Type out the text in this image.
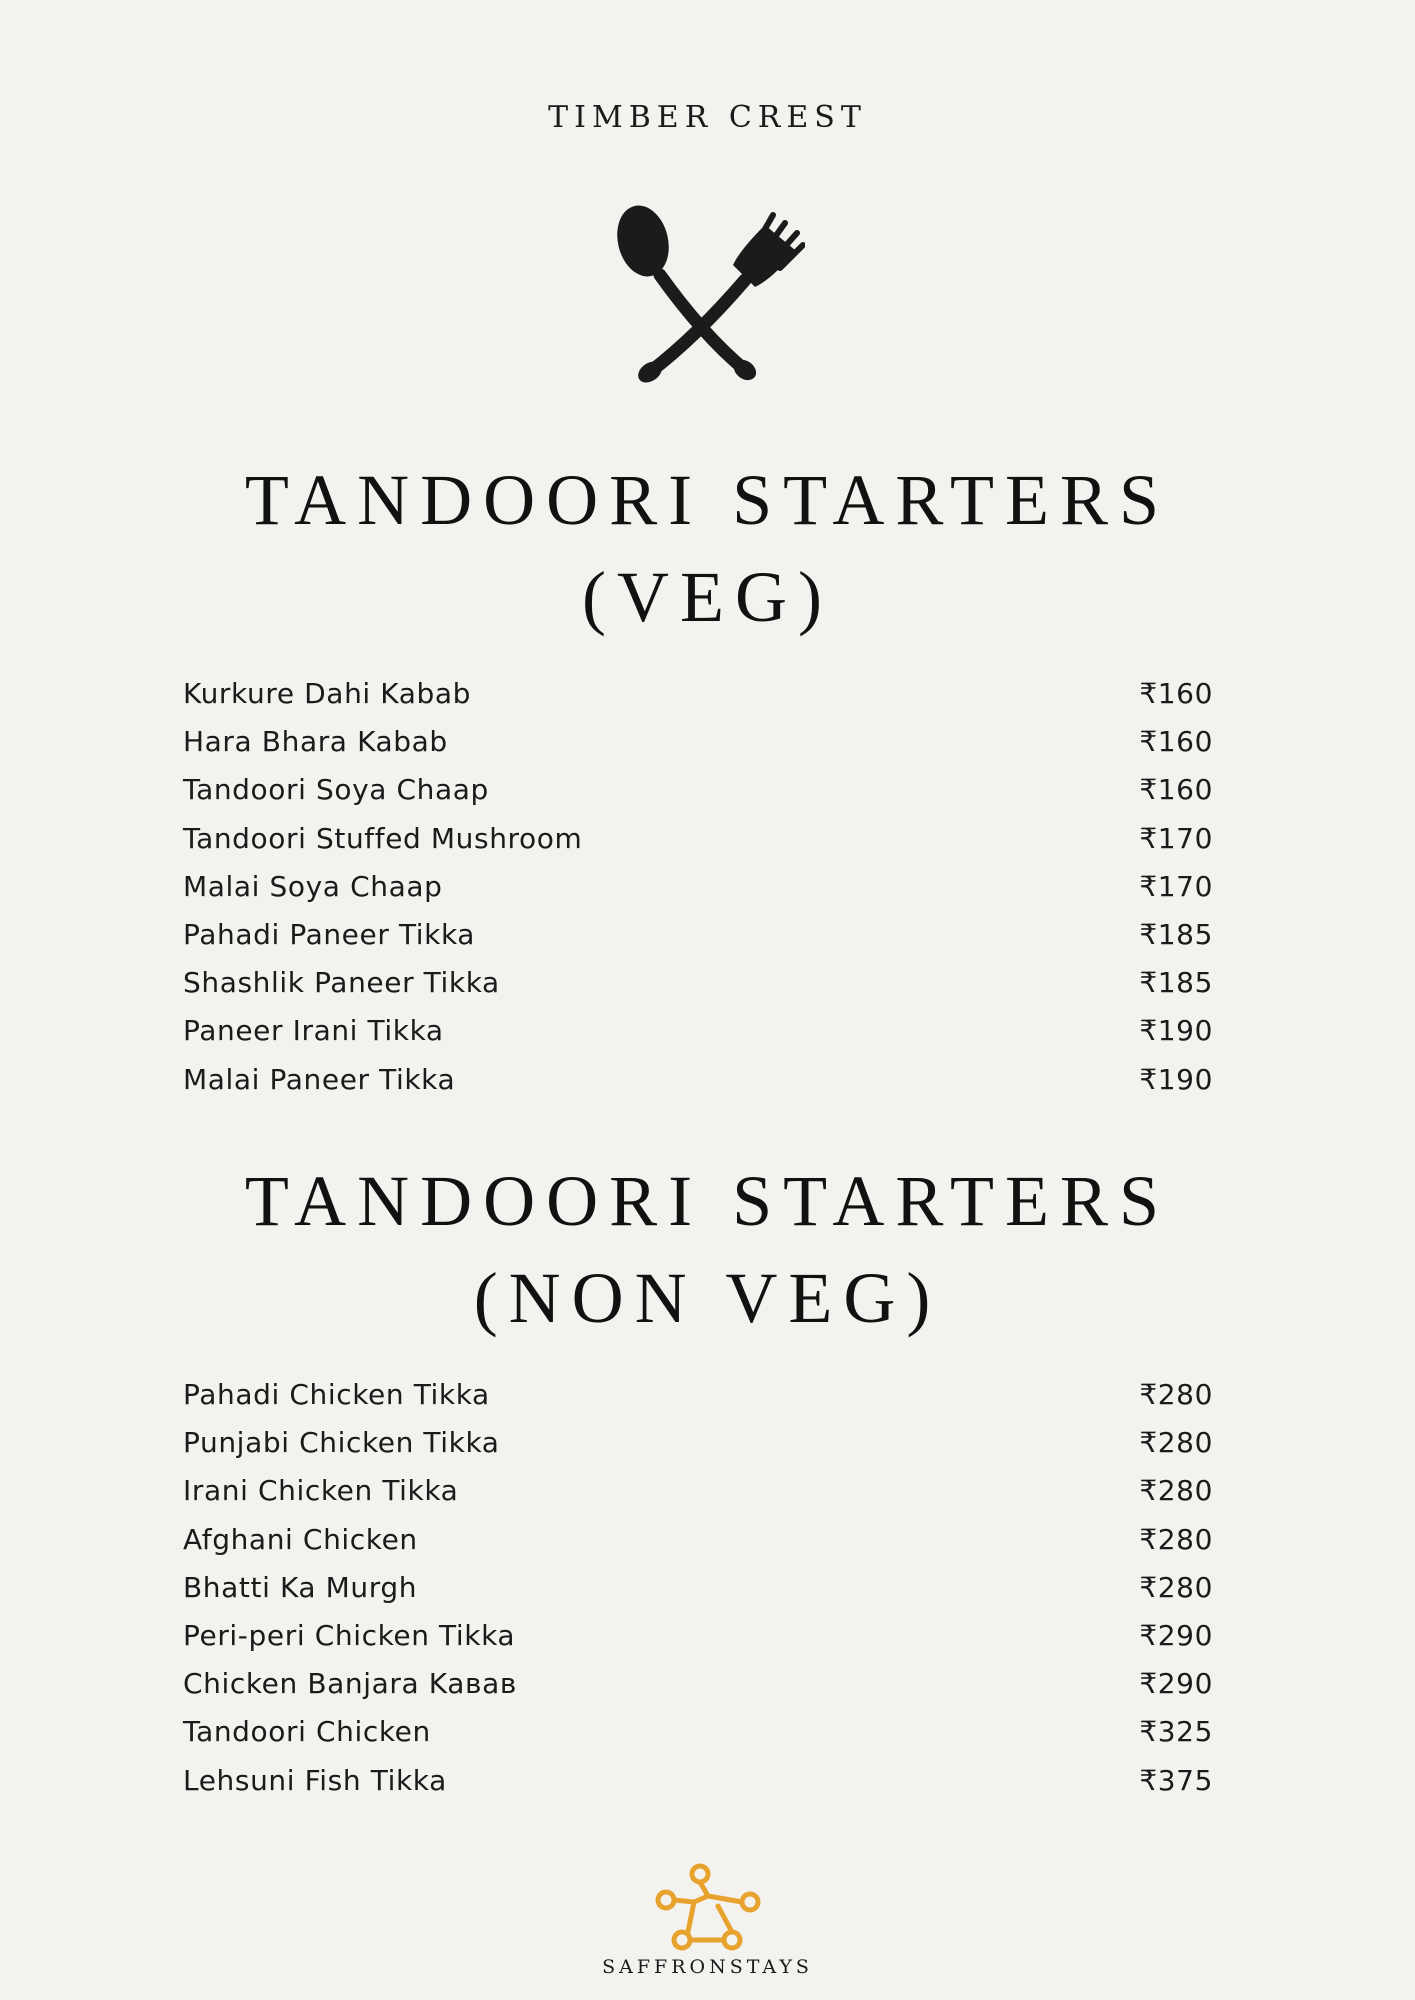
TIMBER CREST
TANDOORI STARTERS
(VEG)
Kurkure Dahi Kabab	₹160
Hara Bhara Kabab	₹160
Tandoori Soya Chaap	₹160
Tandoori Stuffed Mushroom	₹170
Malai Soya Chaap	₹170
Pahadi Paneer Tikka	₹185
Shashlik Paneer Tikka	₹185
Paneer Irani Tikka	₹190
Malai Paneer Tikka	₹190
TANDOORI STARTERS
(NON VEG)
Pahadi Chicken Tikka	₹280
Punjabi Chicken Tikka	₹280
Irani Chicken Tikka	₹280
Afghani Chicken	₹280
Bhatti Ka Murgh	₹280
Peri-peri Chicken Tikka	₹290
Chicken Banjara Kaвaв	₹290
Tandoori Chicken	₹325
Lehsuni Fish Tikka	₹375
SAFFRONSTAYS
